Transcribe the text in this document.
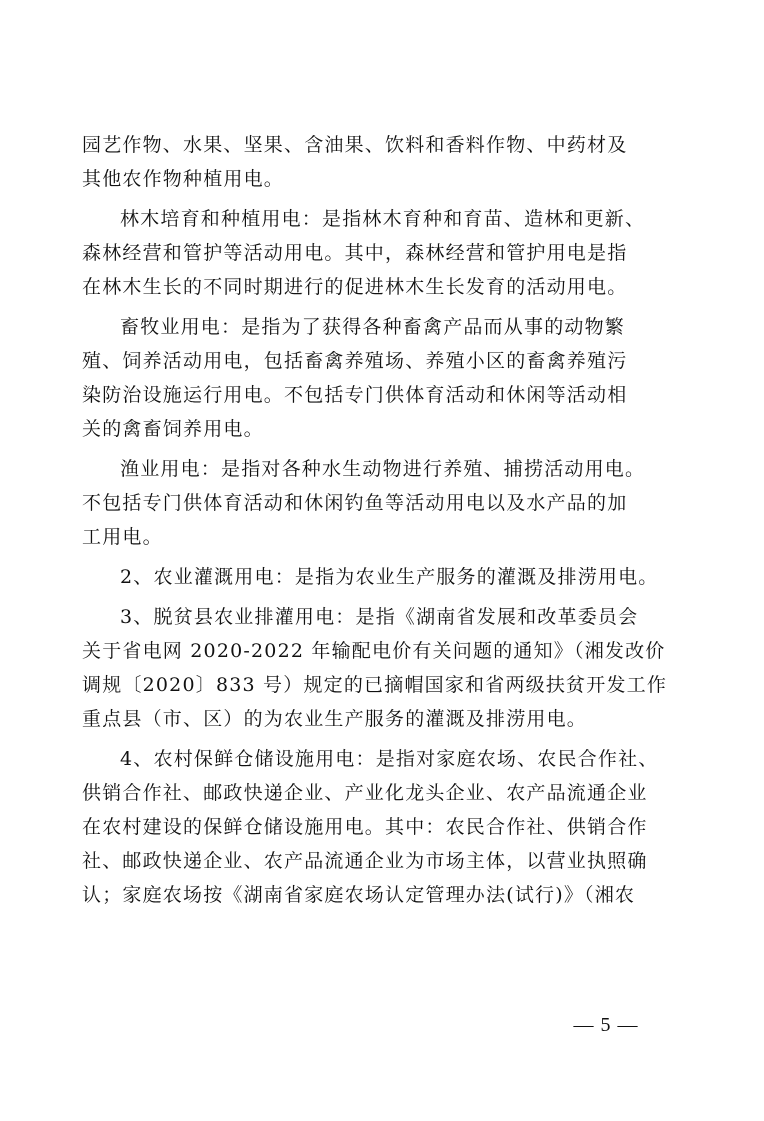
园艺作物、水果、坚果、含油果、饮料和香料作物、中药材及
其他农作物种植用电。
林木培育和种植用电：是指林木育种和育苗、造林和更新、
森林经营和管护等活动用电。其中，森林经营和管护用电是指
在林木生长的不同时期进行的促进林木生长发育的活动用电。
畜牧业用电：是指为了获得各种畜禽产品而从事的动物繁
殖、饲养活动用电，包括畜禽养殖场、养殖小区的畜禽养殖污
染防治设施运行用电。不包括专门供体育活动和休闲等活动相
关的禽畜饲养用电。
渔业用电：是指对各种水生动物进行养殖、捕捞活动用电。
不包括专门供体育活动和休闲钓鱼等活动用电以及水产品的加
工用电。
2、农业灌溉用电：是指为农业生产服务的灌溉及排涝用电。
3、脱贫县农业排灌用电：是指《湖南省发展和改革委员会
关于省电网 2020-2022 年输配电价有关问题的通知》（湘发改价
调规〔2020〕833 号）规定的已摘帽国家和省两级扶贫开发工作
重点县（市、区）的为农业生产服务的灌溉及排涝用电。
4、农村保鲜仓储设施用电：是指对家庭农场、农民合作社、
供销合作社、邮政快递企业、产业化龙头企业、农产品流通企业
在农村建设的保鲜仓储设施用电。其中：农民合作社、供销合作
社、邮政快递企业、农产品流通企业为市场主体，以营业执照确
认；家庭农场按《湖南省家庭农场认定管理办法(试行)》（湘农
— 5 —
